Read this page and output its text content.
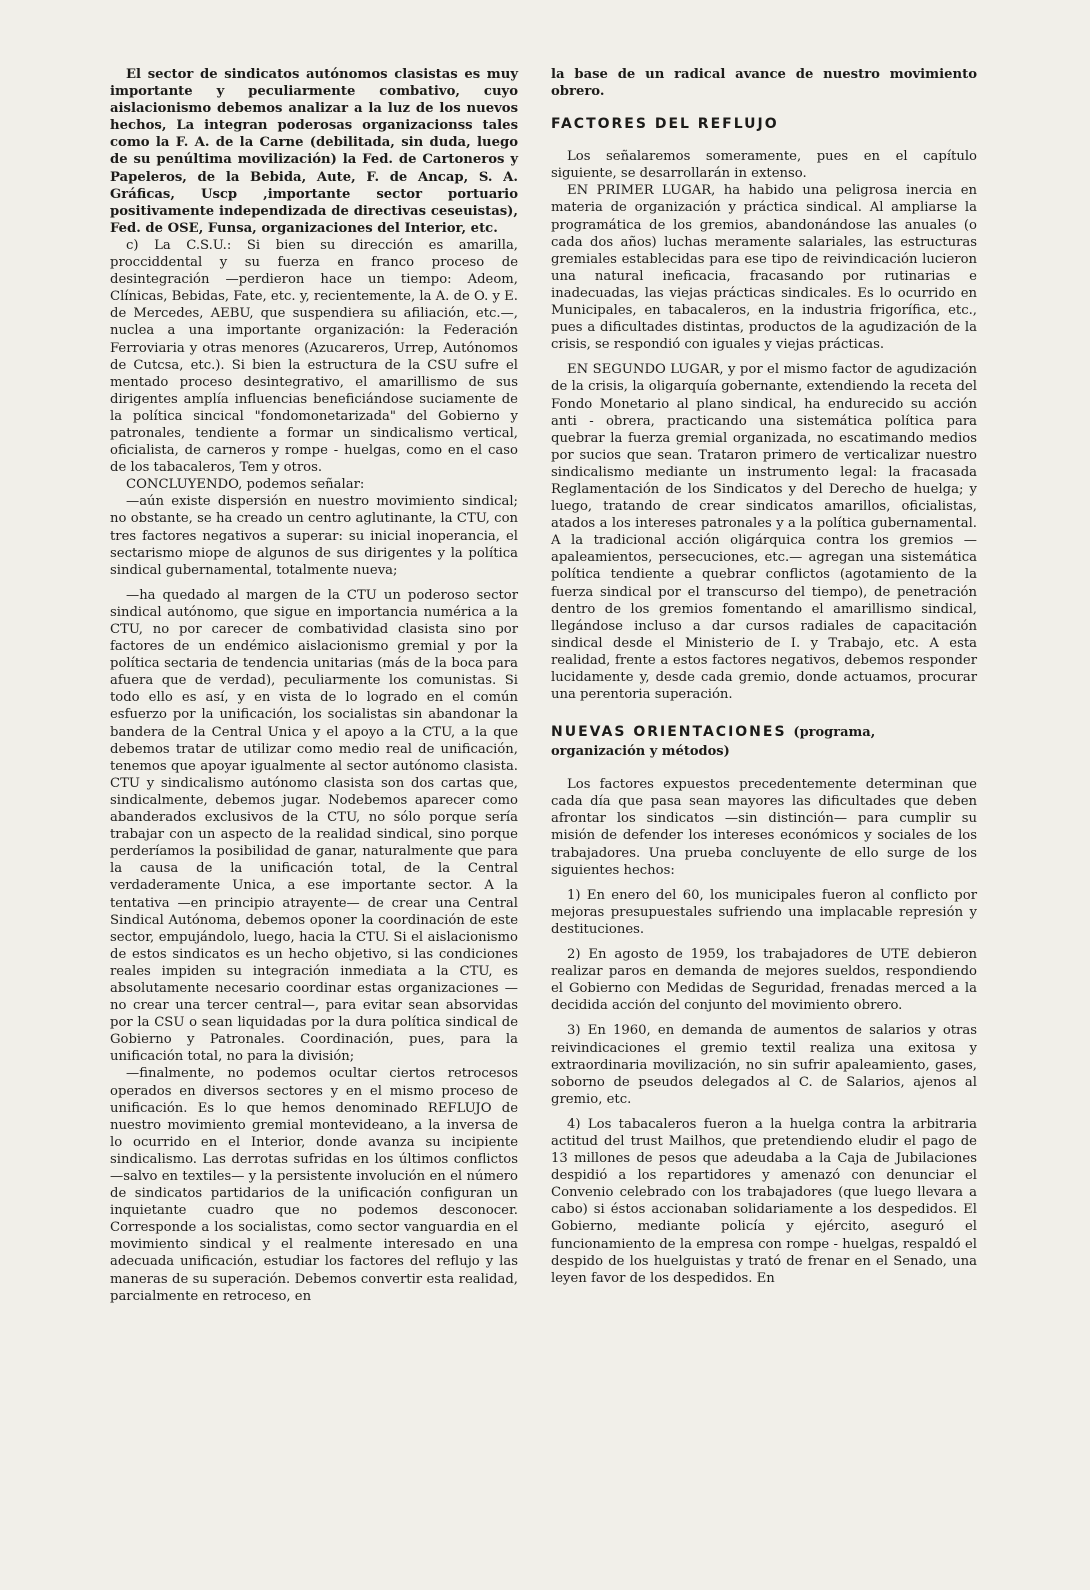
El sector de sindicatos autónomos clasistas es muy importante y peculiarmente combativo, cuyo aislacionismo debemos analizar a la luz de los nuevos hechos, La integran poderosas organizacionss tales como la F. A. de la Carne (debilitada, sin duda, luego de su penúltima movilización) la Fed. de Cartoneros y Papeleros, de la Bebida, Aute, F. de Ancap, S. A. Gráficas, Uscp ,importante sector portuario positivamente independizada de directivas ceseuistas), Fed. de OSE, Funsa, organizaciones del Interior, etc.

c) La C.S.U.: Si bien su dirección es amarilla, procciddental y su fuerza en franco proceso de desintegración —perdieron hace un tiempo: Adeom, Clínicas, Bebidas, Fate, etc. y, recientemente, la A. de O. y E. de Mercedes, AEBU, que suspendiera su afiliación, etc.—, nuclea a una importante organización: la Federación Ferroviaria y otras menores (Azucareros, Urrep, Autónomos de Cutcsa, etc.). Si bien la estructura de la CSU sufre el mentado proceso desintegrativo, el amarillismo de sus dirigentes amplía influencias beneficiándose suciamente de la política sincical "fondomonetarizada" del Gobierno y patronales, tendiente a formar un sindicalismo vertical, oficialista, de carneros y rompe - huelgas, como en el caso de los tabacaleros, Tem y otros.

CONCLUYENDO, podemos señalar:

—aún existe dispersión en nuestro movimiento sindical; no obstante, se ha creado un centro aglutinante, la CTU, con tres factores negativos a superar: su inicial inoperancia, el sectarismo miope de algunos de sus dirigentes y la política sindical gubernamental, totalmente nueva;

—ha quedado al margen de la CTU un poderoso sector sindical autónomo, que sigue en importancia numérica a la CTU, no por carecer de combatividad clasista sino por factores de un endémico aislacionismo gremial y por la política sectaria de tendencia unitarias (más de la boca para afuera que de verdad), peculiarmente los comunistas. Si todo ello es así, y en vista de lo logrado en el común esfuerzo por la unificación, los socialistas sin abandonar la bandera de la Central Unica y el apoyo a la CTU, a la que debemos tratar de utilizar como medio real de unificación, tenemos que apoyar igualmente al sector autónomo clasista. CTU y sindicalismo autónomo clasista son dos cartas que, sindicalmente, debemos jugar. Nodebemos aparecer como abanderados exclusivos de la CTU, no sólo porque sería trabajar con un aspecto de la realidad sindical, sino porque perderíamos la posibilidad de ganar, naturalmente que para la causa de la unificación total, de la Central verdaderamente Unica, a ese importante sector. A la tentativa —en principio atrayente— de crear una Central Sindical Autónoma, debemos oponer la coordinación de este sector, empujándolo, luego, hacia la CTU. Si el aislacionismo de estos sindicatos es un hecho objetivo, si las condiciones reales impiden su integración inmediata a la CTU, es absolutamente necesario coordinar estas organizaciones —no crear una tercer central—, para evitar sean absorvidas por la CSU o sean liquidadas por la dura política sindical de Gobierno y Patronales. Coordinación, pues, para la unificación total, no para la división;

—finalmente, no podemos ocultar ciertos retrocesos operados en diversos sectores y en el mismo proceso de unificación. Es lo que hemos denominado REFLUJO de nuestro movimiento gremial montevideano, a la inversa de lo ocurrido en el Interior, donde avanza su incipiente sindicalismo. Las derrotas sufridas en los últimos conflictos —salvo en textiles— y la persistente involución en el número de sindicatos partidarios de la unificación configuran un inquietante cuadro que no podemos desconocer. Corresponde a los socialistas, como sector vanguardia en el movimiento sindical y el realmente interesado en una adecuada unificación, estudiar los factores del reflujo y las maneras de su superación. Debemos convertir esta realidad, parcialmente en retroceso, en

la base de un radical avance de nuestro movimiento obrero.

FACTORES DEL REFLUJO

Los señalaremos someramente, pues en el capítulo siguiente, se desarrollarán in extenso.

EN PRIMER LUGAR, ha habido una peligrosa inercia en materia de organización y práctica sindical. Al ampliarse la programática de los gremios, abandonándose las anuales (o cada dos años) luchas meramente salariales, las estructuras gremiales establecidas para ese tipo de reivindicación lucieron una natural ineficacia, fracasando por rutinarias e inadecuadas, las viejas prácticas sindicales. Es lo ocurrido en Municipales, en tabacaleros, en la industria frigorífica, etc., pues a dificultades distintas, productos de la agudización de la crisis, se respondió con iguales y viejas prácticas.

EN SEGUNDO LUGAR, y por el mismo factor de agudización de la crisis, la oligarquía gobernante, extendiendo la receta del Fondo Monetario al plano sindical, ha endurecido su acción anti - obrera, practicando una sistemática política para quebrar la fuerza gremial organizada, no escatimando medios por sucios que sean. Trataron primero de verticalizar nuestro sindicalismo mediante un instrumento legal: la fracasada Reglamentación de los Sindicatos y del Derecho de huelga; y luego, tratando de crear sindicatos amarillos, oficialistas, atados a los intereses patronales y a la política gubernamental. A la tradicional acción oligárquica contra los gremios —apaleamientos, persecuciones, etc.— agregan una sistemática política tendiente a quebrar conflictos (agotamiento de la fuerza sindical por el transcurso del tiempo), de penetración dentro de los gremios fomentando el amarillismo sindical, llegándose incluso a dar cursos radiales de capacitación sindical desde el Ministerio de I. y Trabajo, etc. A esta realidad, frente a estos factores negativos, debemos responder lucidamente y, desde cada gremio, donde actuamos, procurar una perentoria superación.

NUEVAS ORIENTACIONES (programa,
organización y métodos)

Los factores expuestos precedentemente determinan que cada día que pasa sean mayores las dificultades que deben afrontar los sindicatos —sin distinción— para cumplir su misión de defender los intereses económicos y sociales de los trabajadores. Una prueba concluyente de ello surge de los siguientes hechos:

1) En enero del 60, los municipales fueron al conflicto por mejoras presupuestales sufriendo una implacable represión y destituciones.

2) En agosto de 1959, los trabajadores de UTE debieron realizar paros en demanda de mejores sueldos, respondiendo el Gobierno con Medidas de Seguridad, frenadas merced a la decidida acción del conjunto del movimiento obrero.

3) En 1960, en demanda de aumentos de salarios y otras reivindicaciones el gremio textil realiza una exitosa y extraordinaria movilización, no sin sufrir apaleamiento, gases, soborno de pseudos delegados al C. de Salarios, ajenos al gremio, etc.

4) Los tabacaleros fueron a la huelga contra la arbitraria actitud del trust Mailhos, que pretendiendo eludir el pago de 13 millones de pesos que adeudaba a la Caja de Jubilaciones despidió a los repartidores y amenazó con denunciar el Convenio celebrado con los trabajadores (que luego llevara a cabo) si éstos accionaban solidariamente a los despedidos. El Gobierno, mediante policía y ejército, aseguró el funcionamiento de la empresa con rompe - huelgas, respaldó el despido de los huelguistas y trató de frenar en el Senado, una leyen favor de los despedidos. En
